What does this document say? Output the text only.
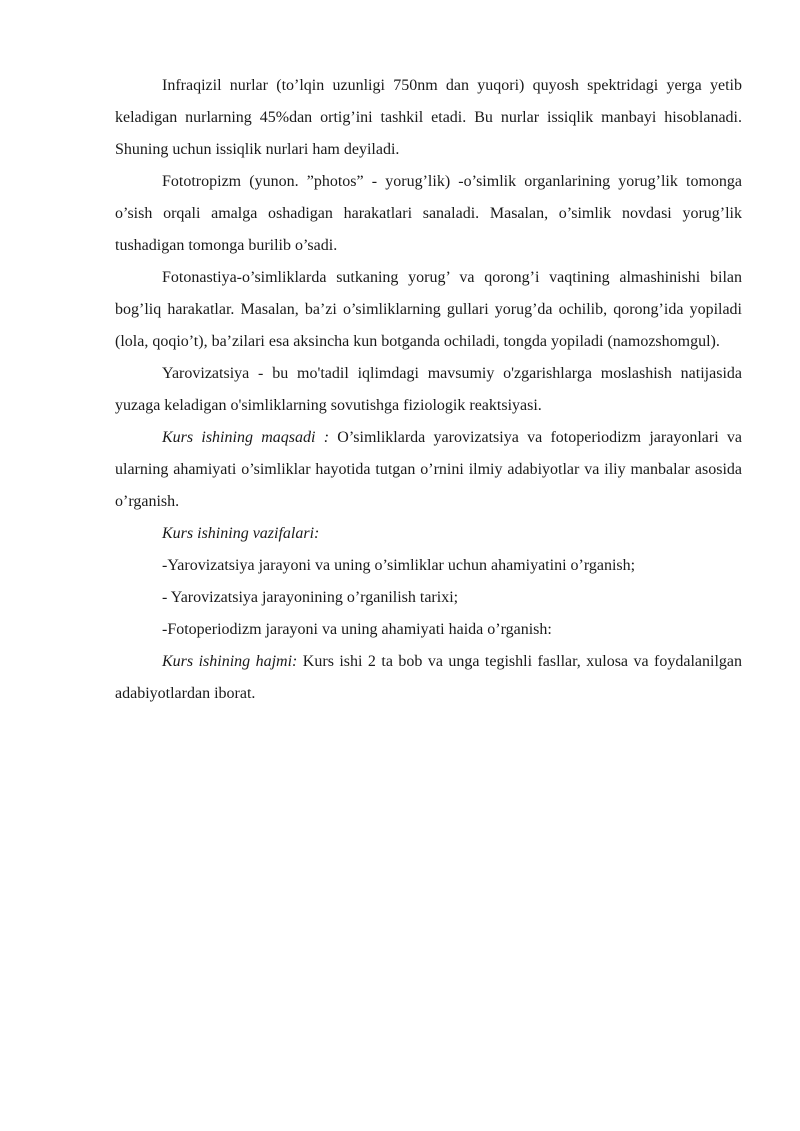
Infraqizil nurlar (to’lqin uzunligi 750nm dan yuqori) quyosh spektridagi yerga yetib keladigan nurlarning 45%dan ortig’ini tashkil etadi. Bu nurlar issiqlik manbayi hisoblanadi. Shuning uchun issiqlik nurlari ham deyiladi.

Fototropizm (yunon. ”photos” - yorug’lik) -o’simlik organlarining yorug’lik tomonga o’sish orqali amalga oshadigan harakatlari sanaladi. Masalan, o’simlik novdasi yorug’lik tushadigan tomonga burilib o’sadi.

Fotonastiya-o’simliklarda sutkaning yorug’ va qorong’i vaqtining almashinishi bilan bog’liq harakatlar. Masalan, ba’zi o’simliklarning gullari yorug’da ochilib, qorong’ida yopiladi (lola, qoqio’t), ba’zilari esa aksincha kun botganda ochiladi, tongda yopiladi (namozshomgul).

Yarovizatsiya - bu mo'tadil iqlimdagi mavsumiy o'zgarishlarga moslashish natijasida yuzaga keladigan o'simliklarning sovutishga fiziologik reaktsiyasi.

Kurs ishining maqsadi : O’simliklarda yarovizatsiya va fotoperiodizm jarayonlari va ularning ahamiyati o’simliklar hayotida tutgan o’rnini ilmiy adabiyotlar va iliy manbalar asosida o’rganish.

Kurs ishining vazifalari:

-Yarovizatsiya jarayoni va uning o’simliklar uchun ahamiyatini o’rganish;

- Yarovizatsiya jarayonining o’rganilish tarixi;

-Fotoperiodizm jarayoni va uning ahamiyati haida o’rganish:

Kurs ishining hajmi: Kurs ishi 2 ta bob va unga tegishli fasllar, xulosa va foydalanilgan adabiyotlardan iborat.
